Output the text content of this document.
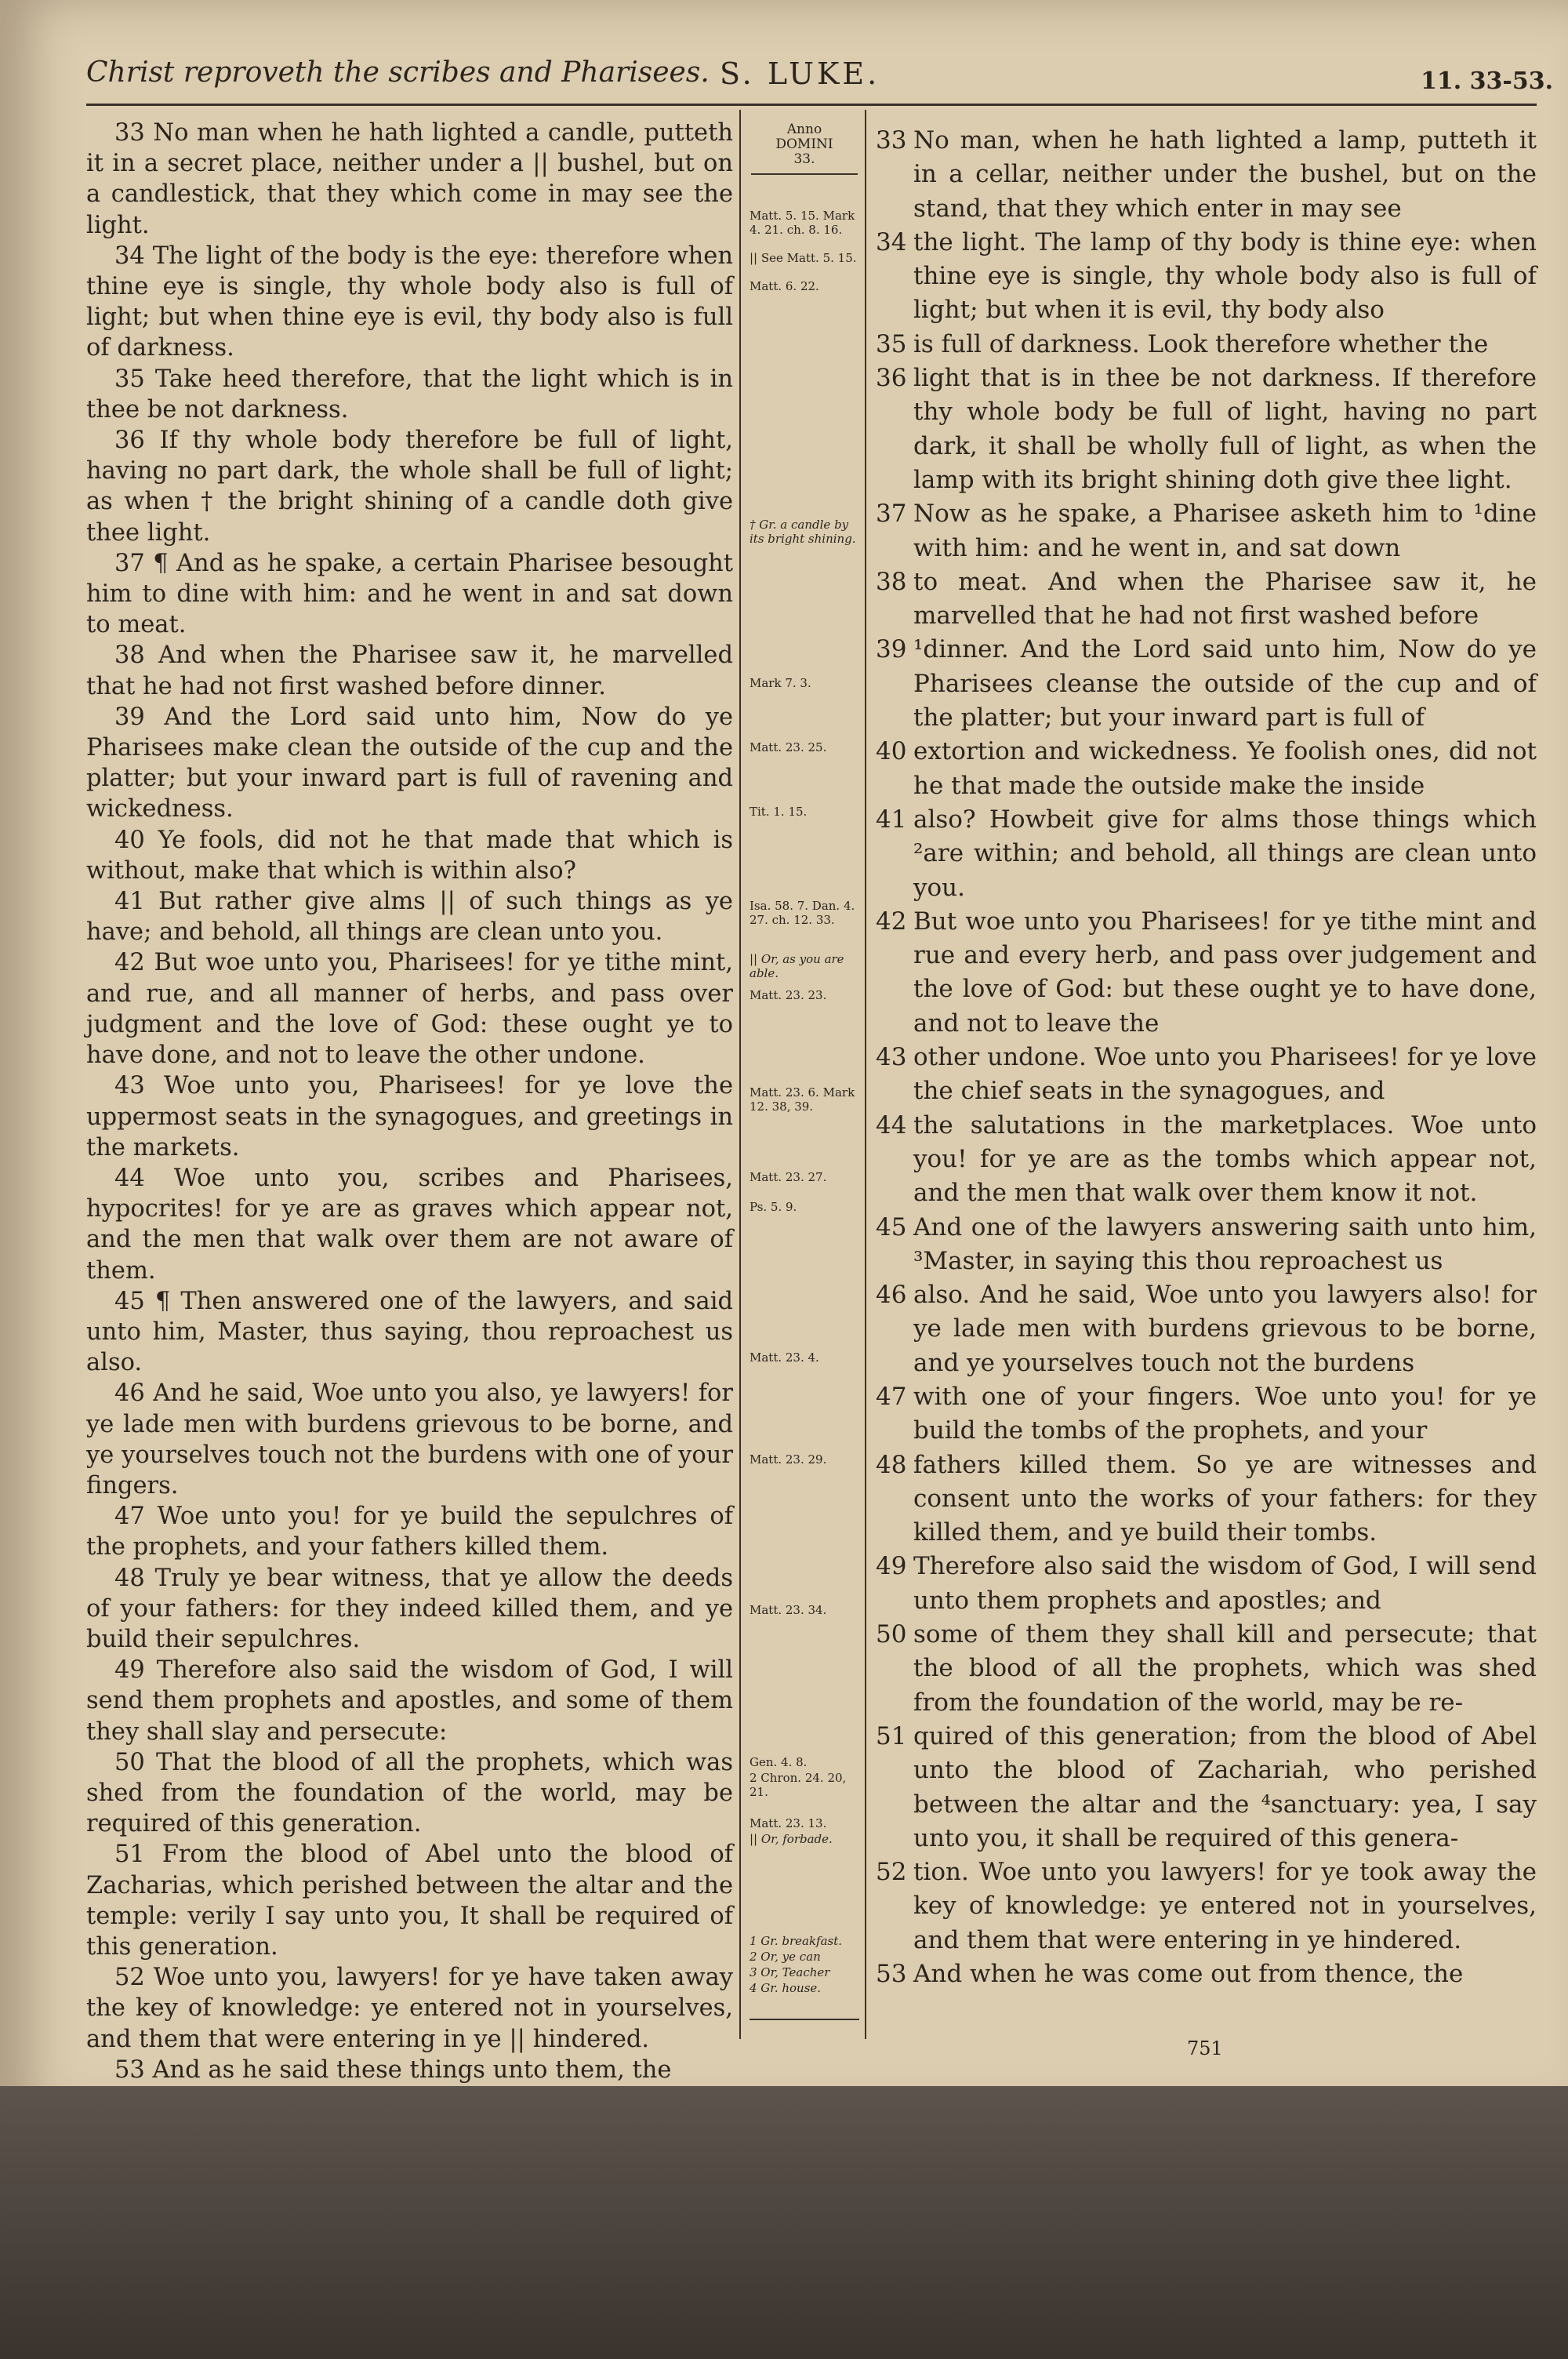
Christ reproveth the scribes and Pharisees. S. LUKE.	11. 33-53.

33 No man when he hath lighted a candle, putteth it in a secret place, neither under a || bushel, but on a candlestick, that they which come in may see the light.

34 The light of the body is the eye: therefore when thine eye is single, thy whole body also is full of light; but when thine eye is evil, thy body also is full of darkness.

35 Take heed therefore, that the light which is in thee be not darkness.

36 If thy whole body therefore be full of light, having no part dark, the whole shall be full of light; as when † the bright shining of a candle doth give thee light.

37 ¶ And as he spake, a certain Pharisee besought him to dine with him: and he went in and sat down to meat.

38 And when the Pharisee saw it, he marvelled that he had not first washed before dinner.

39 And the Lord said unto him, Now do ye Pharisees make clean the outside of the cup and the platter; but your inward part is full of ravening and wickedness.

40 Ye fools, did not he that made that which is without, make that which is within also?

41 But rather give alms || of such things as ye have; and behold, all things are clean unto you.

42 But woe unto you, Pharisees! for ye tithe mint, and rue, and all manner of herbs, and pass over judgment and the love of God: these ought ye to have done, and not to leave the other undone.

43 Woe unto you, Pharisees! for ye love the uppermost seats in the synagogues, and greetings in the markets.

44 Woe unto you, scribes and Pharisees, hypocrites! for ye are as graves which appear not, and the men that walk over them are not aware of them.

45 ¶ Then answered one of the lawyers, and said unto him, Master, thus saying, thou reproachest us also.

46 And he said, Woe unto you also, ye lawyers! for ye lade men with burdens grievous to be borne, and ye yourselves touch not the burdens with one of your fingers.

47 Woe unto you! for ye build the sepulchres of the prophets, and your fathers killed them.

48 Truly ye bear witness, that ye allow the deeds of your fathers: for they indeed killed them, and ye build their sepulchres.

49 Therefore also said the wisdom of God, I will send them prophets and apostles, and some of them they shall slay and persecute:

50 That the blood of all the prophets, which was shed from the foundation of the world, may be required of this generation.

51 From the blood of Abel unto the blood of Zacharias, which perished between the altar and the temple: verily I say unto you, It shall be required of this generation.

52 Woe unto you, lawyers! for ye have taken away the key of knowledge: ye entered not in yourselves, and them that were entering in ye || hindered.

53 And as he said these things unto them, the

Anno
DOMINI
33.
Matt. 5. 15. Mark 4. 21. ch. 8. 16.
|| See Matt. 5. 15.
Matt. 6. 22.
† Gr. a candle by its bright shining.
Mark 7. 3.
Matt. 23. 25.
Tit. 1. 15.
Isa. 58. 7. Dan. 4. 27. ch. 12. 33.
|| Or, as you are able.
Matt. 23. 23.
Matt. 23. 6. Mark 12. 38, 39.
Matt. 23. 27.
Ps. 5. 9.
Matt. 23. 4.
Matt. 23. 29.
Matt. 23. 34.
Gen. 4. 8.
2 Chron. 24. 20, 21.
Matt. 23. 13.
|| Or, forbade.
1 Gr. breakfast.
2 Or, ye can
3 Or, Teacher
4 Gr. house.
33 No man, when he hath lighted a lamp, putteth it in a cellar, neither under the bushel, but on the stand, that they which enter in may see
34 the light. The lamp of thy body is thine eye: when thine eye is single, thy whole body also is full of light; but when it is evil, thy body also
35 is full of darkness. Look therefore whether the
36 light that is in thee be not darkness. If therefore thy whole body be full of light, having no part dark, it shall be wholly full of light, as when the lamp with its bright shining doth give thee light.
37 Now as he spake, a Pharisee asketh him to ¹dine with him: and he went in, and sat down
38 to meat. And when the Pharisee saw it, he marvelled that he had not first washed before
39 ¹dinner. And the Lord said unto him, Now do ye Pharisees cleanse the outside of the cup and of the platter; but your inward part is full of
40 extortion and wickedness. Ye foolish ones, did not he that made the outside make the inside
41 also? Howbeit give for alms those things which ²are within; and behold, all things are clean unto you.
42 But woe unto you Pharisees! for ye tithe mint and rue and every herb, and pass over judgement and the love of God: but these ought ye to have done, and not to leave the
43 other undone. Woe unto you Pharisees! for ye love the chief seats in the synagogues, and
44 the salutations in the marketplaces. Woe unto you! for ye are as the tombs which appear not, and the men that walk over them know it not.
45 And one of the lawyers answering saith unto him, ³Master, in saying this thou reproachest us
46 also. And he said, Woe unto you lawyers also! for ye lade men with burdens grievous to be borne, and ye yourselves touch not the burdens
47 with one of your fingers. Woe unto you! for ye build the tombs of the prophets, and your
48 fathers killed them. So ye are witnesses and consent unto the works of your fathers: for they killed them, and ye build their tombs.
49 Therefore also said the wisdom of God, I will send unto them prophets and apostles; and
50 some of them they shall kill and persecute; that the blood of all the prophets, which was shed from the foundation of the world, may be re-
51 quired of this generation; from the blood of Abel unto the blood of Zachariah, who perished between the altar and the ⁴sanctuary: yea, I say unto you, it shall be required of this genera-
52 tion. Woe unto you lawyers! for ye took away the key of knowledge: ye entered not in yourselves, and them that were entering in ye hindered.
53 And when he was come out from thence, the
751
